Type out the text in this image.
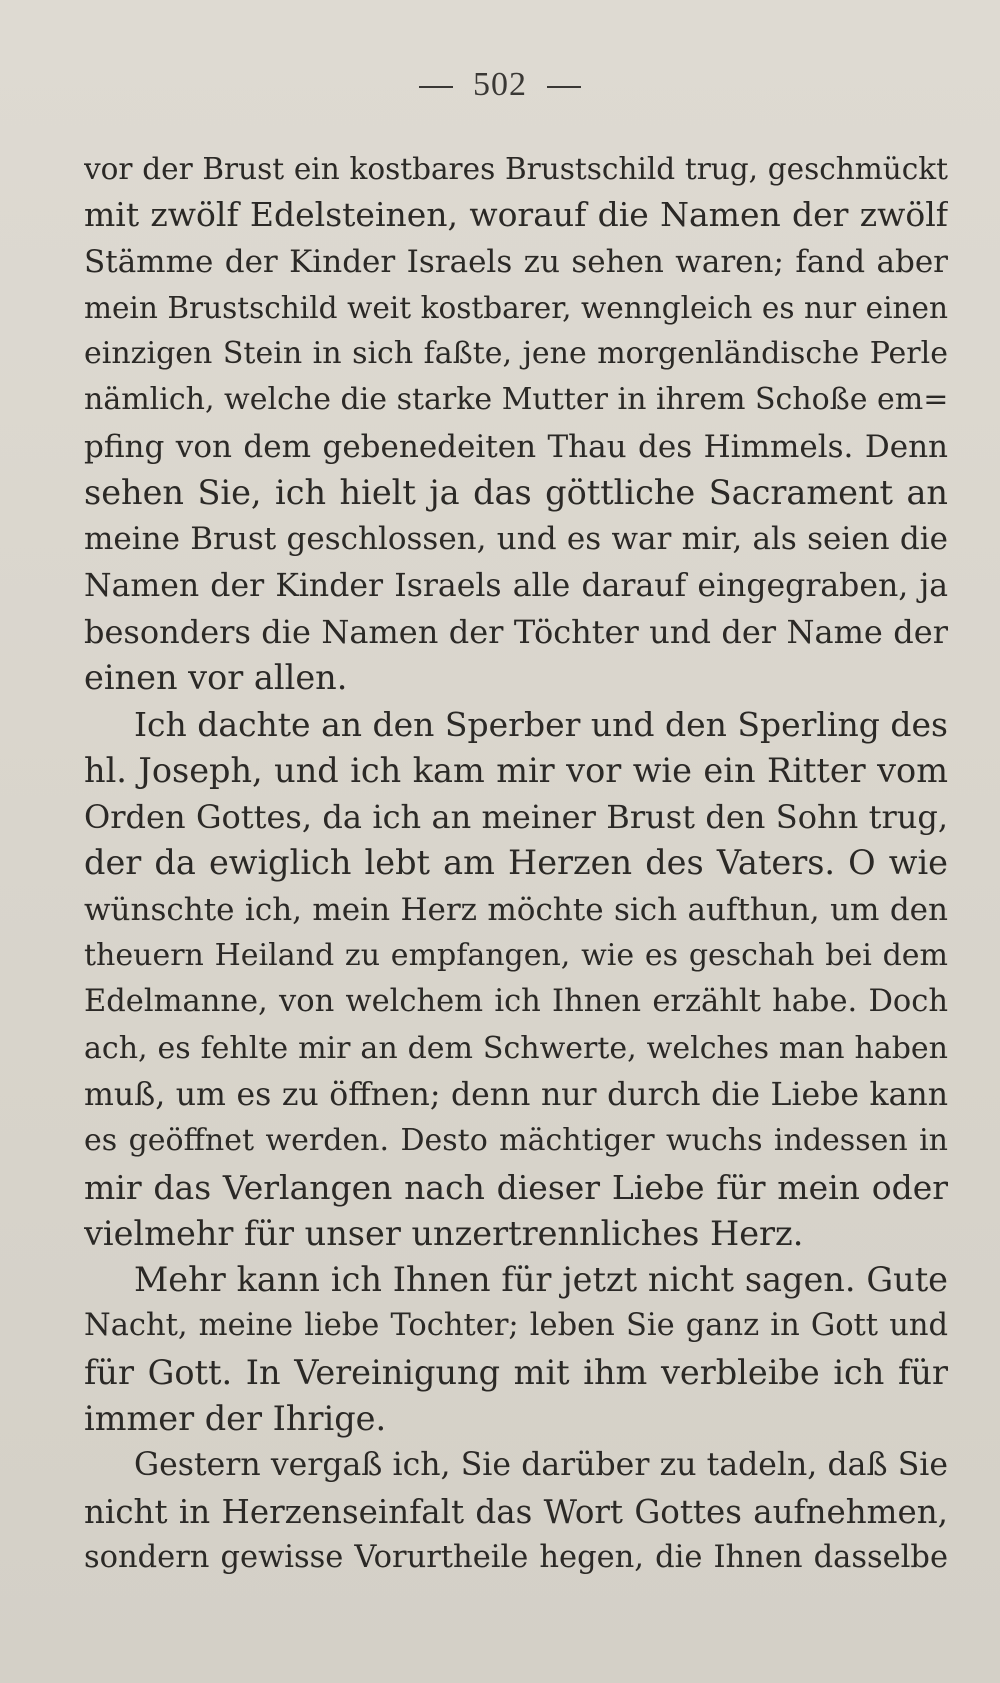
502
vor der Brust ein kostbares Brustschild trug, geschmückt
mit zwölf Edelsteinen, worauf die Namen der zwölf
Stämme der Kinder Israels zu sehen waren; fand aber
mein Brustschild weit kostbarer, wenngleich es nur einen
einzigen Stein in sich faßte, jene morgenländische Perle
nämlich, welche die starke Mutter in ihrem Schoße em=
pfing von dem gebenedeiten Thau des Himmels. Denn
sehen Sie, ich hielt ja das göttliche Sacrament an
meine Brust geschlossen, und es war mir, als seien die
Namen der Kinder Israels alle darauf eingegraben, ja
besonders die Namen der Töchter und der Name der
einen vor allen.
Ich dachte an den Sperber und den Sperling des
hl. Joseph, und ich kam mir vor wie ein Ritter vom
Orden Gottes, da ich an meiner Brust den Sohn trug,
der da ewiglich lebt am Herzen des Vaters. O wie
wünschte ich, mein Herz möchte sich aufthun, um den
theuern Heiland zu empfangen, wie es geschah bei dem
Edelmanne, von welchem ich Ihnen erzählt habe. Doch
ach, es fehlte mir an dem Schwerte, welches man haben
muß, um es zu öffnen; denn nur durch die Liebe kann
es geöffnet werden. Desto mächtiger wuchs indessen in
mir das Verlangen nach dieser Liebe für mein oder
vielmehr für unser unzertrennliches Herz.
Mehr kann ich Ihnen für jetzt nicht sagen. Gute
Nacht, meine liebe Tochter; leben Sie ganz in Gott und
für Gott. In Vereinigung mit ihm verbleibe ich für
immer der Ihrige.
Gestern vergaß ich, Sie darüber zu tadeln, daß Sie
nicht in Herzenseinfalt das Wort Gottes aufnehmen,
sondern gewisse Vorurtheile hegen, die Ihnen dasselbe
